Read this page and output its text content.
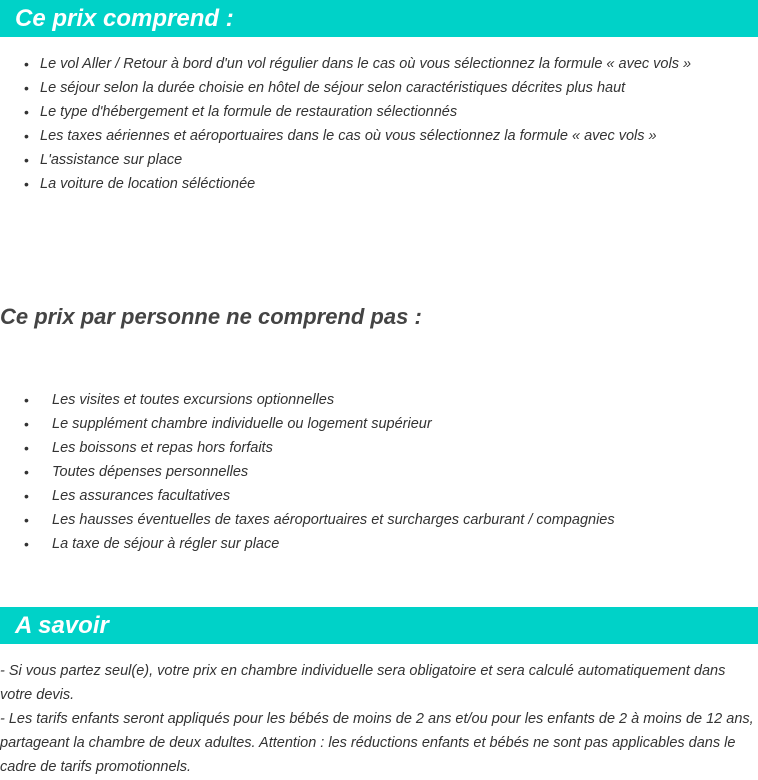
Ce prix comprend :
• Le vol Aller / Retour à bord d'un vol régulier dans le cas où vous sélectionnez la formule « avec vols »
• Le séjour selon la durée choisie en hôtel de séjour selon caractéristiques décrites plus haut
• Le type d'hébergement et la formule de restauration sélectionnés
• Les taxes aériennes et aéroportuaires dans le cas où vous sélectionnez la formule « avec vols »
• L'assistance sur place
• La voiture de location séléctionée
Ce prix par personne ne comprend pas :
• Les visites et toutes excursions optionnelles
• Le supplément chambre individuelle ou logement supérieur
• Les boissons et repas hors forfaits
• Toutes dépenses personnelles
• Les assurances facultatives
• Les hausses éventuelles de taxes aéroportuaires et surcharges carburant / compagnies
• La taxe de séjour à régler sur place
A savoir

- Si vous partez seul(e), votre prix en chambre individuelle sera obligatoire et sera calculé automatiquement dans votre devis.

- Les tarifs enfants seront appliqués pour les bébés de moins de 2 ans et/ou pour les enfants de 2 à moins de 12 ans, partageant la chambre de deux adultes. Attention : les réductions enfants et bébés ne sont pas applicables dans le cadre de tarifs promotionnels.
